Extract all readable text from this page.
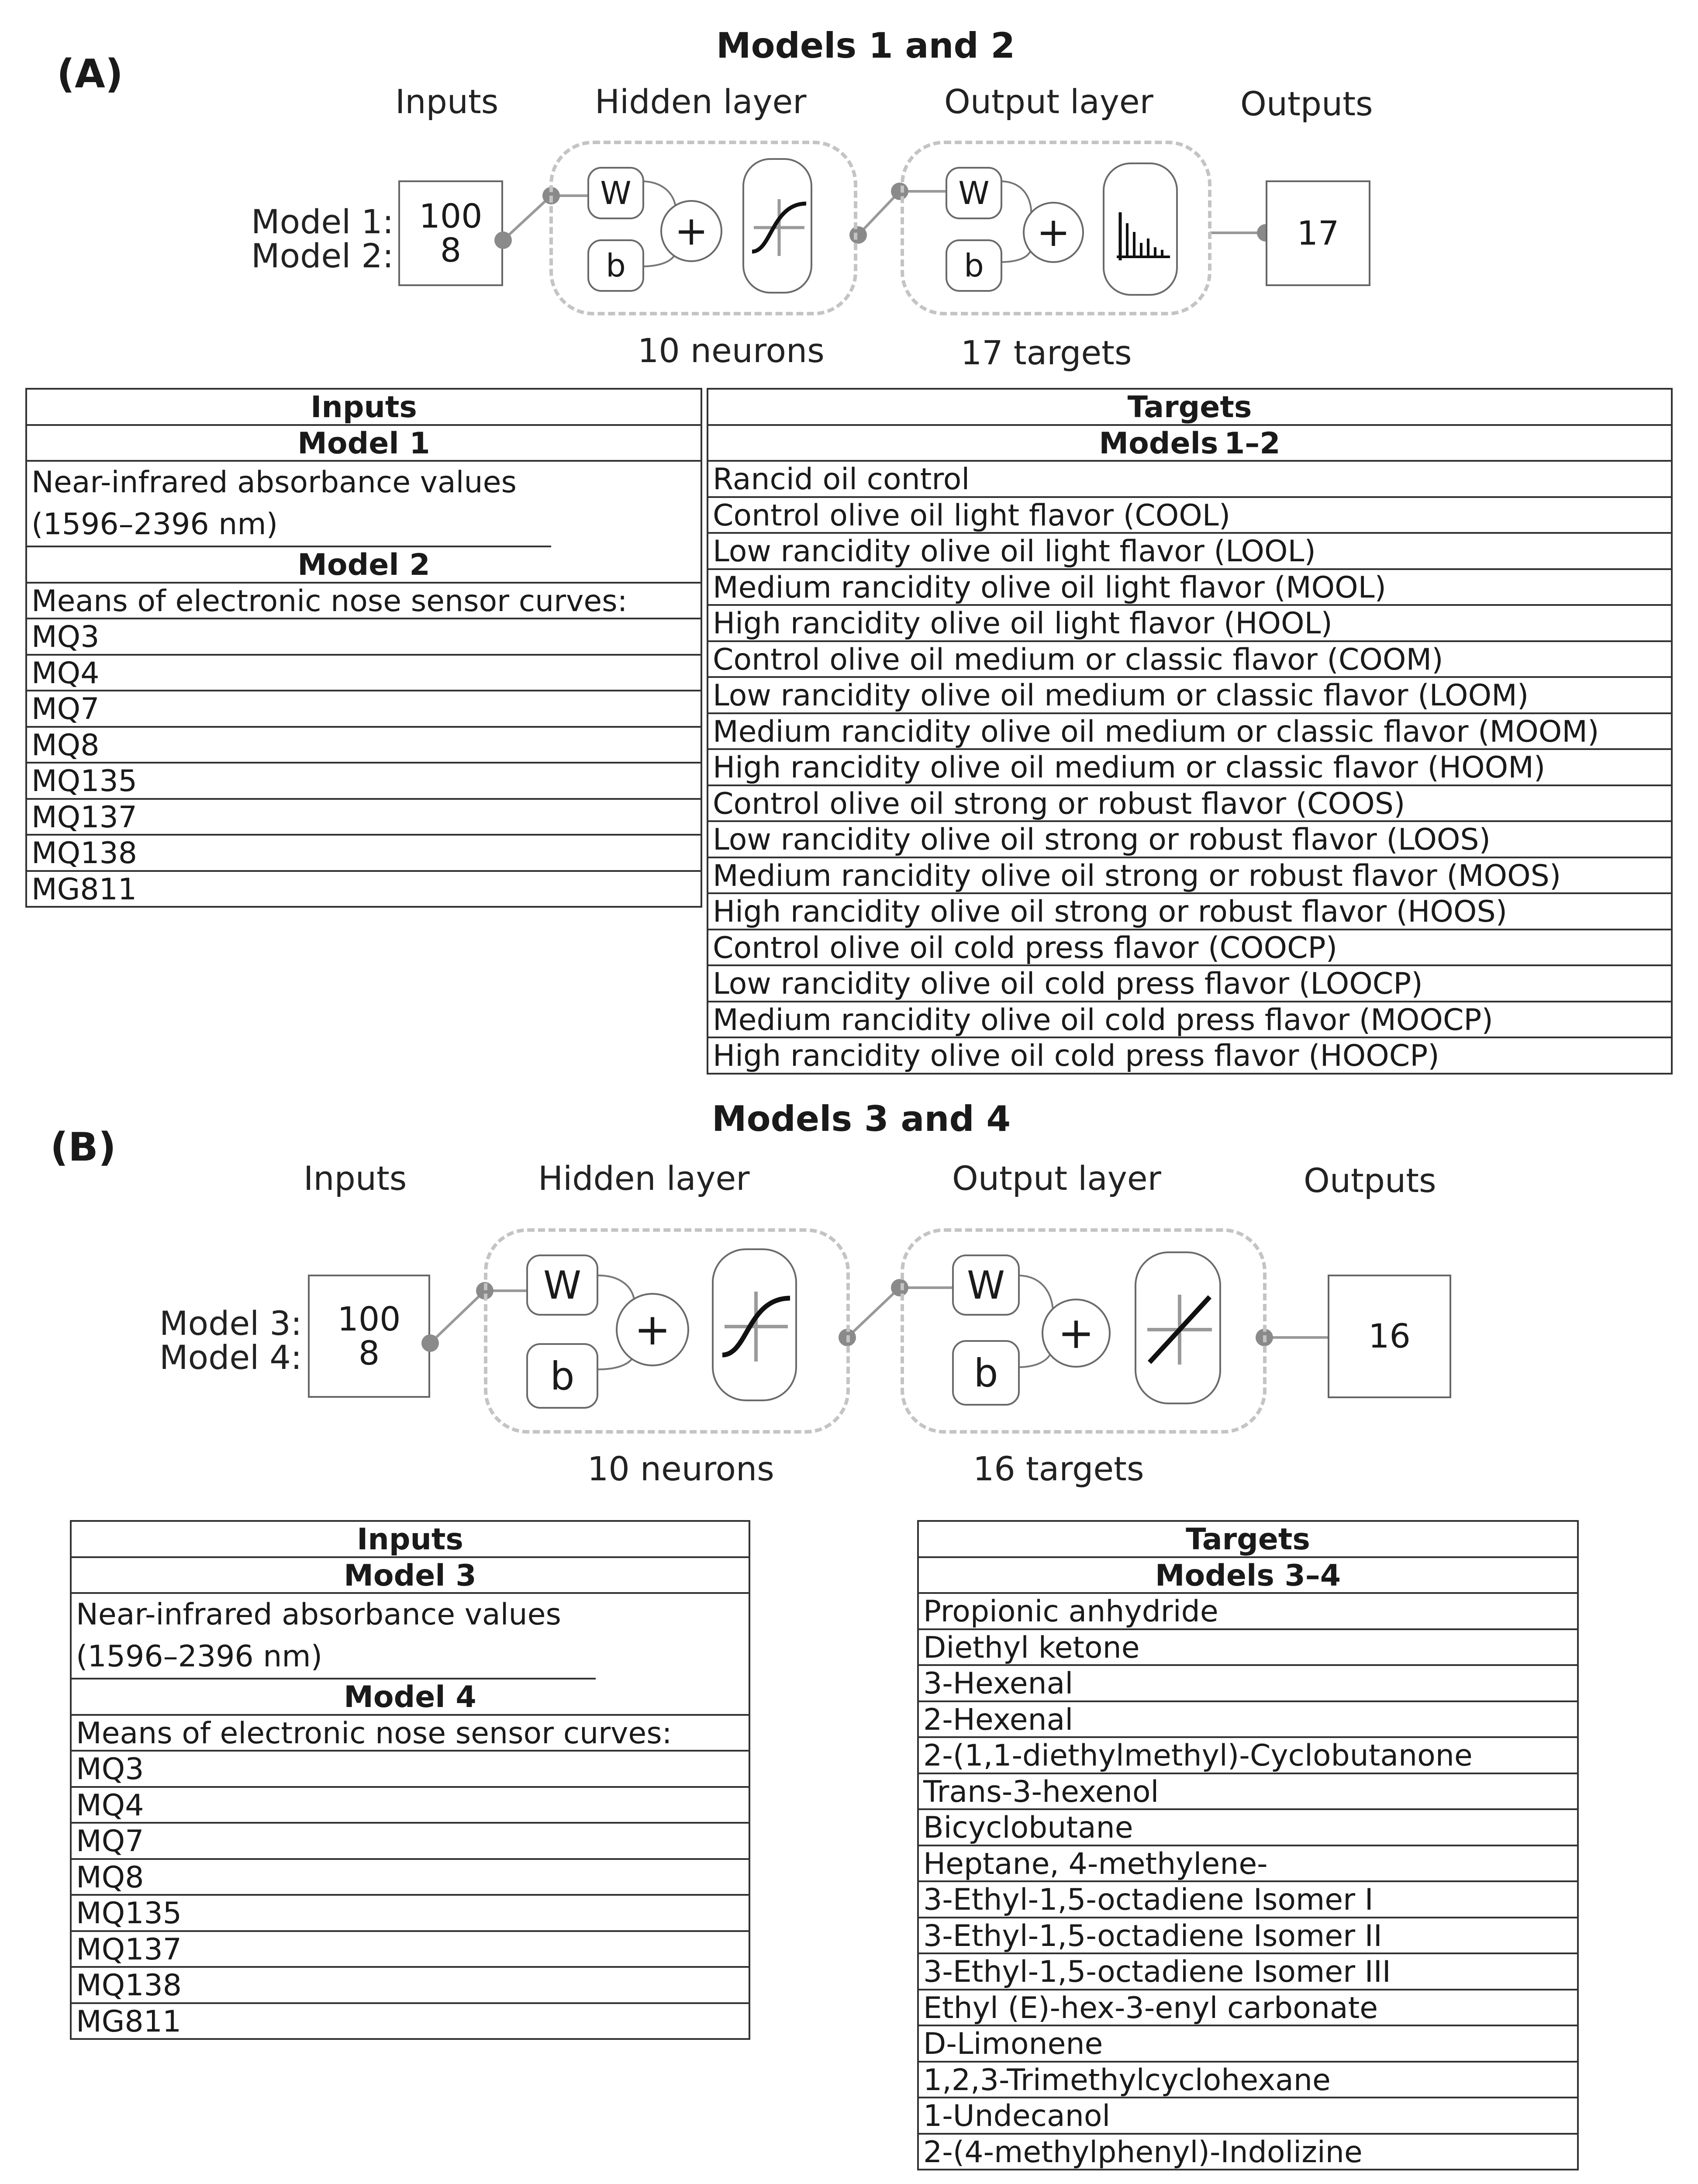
(A)
Models 1 and 2
Inputs	Hidden layer	Output layer	Outputs
Model 1:
Model 2:
100
8
W
b
+
W
b
+	17
10 neurons	17 targets
Inputs
Model 1
Near-infrared absorbance values (1596–2396 nm)
Model 2
Means of electronic nose sensor curves:
MQ3
MQ4
MQ7
MQ8
MQ135
MQ137
MQ138
MG811
Targets
Models 1–2
Rancid oil control
Control olive oil light flavor (COOL)
Low rancidity olive oil light flavor (LOOL)
Medium rancidity olive oil light flavor (MOOL)
High rancidity olive oil light flavor (HOOL)
Control olive oil medium or classic flavor (COOM)
Low rancidity olive oil medium or classic flavor (LOOM)
Medium rancidity olive oil medium or classic flavor (MOOM)
High rancidity olive oil medium or classic flavor (HOOM)
Control olive oil strong or robust flavor (COOS)
Low rancidity olive oil strong or robust flavor (LOOS)
Medium rancidity olive oil strong or robust flavor (MOOS)
High rancidity olive oil strong or robust flavor (HOOS)
Control olive oil cold press flavor (COOCP)
Low rancidity olive oil cold press flavor (LOOCP)
Medium rancidity olive oil cold press flavor (MOOCP)
High rancidity olive oil cold press flavor (HOOCP)
(B)
Models 3 and 4
Inputs	Hidden layer	Output layer	Outputs
Model 3:
Model 4:
100
8
W
b
+
W
b
+	16
10 neurons	16 targets
Inputs
Model 3
Near-infrared absorbance values (1596–2396 nm)
Model 4
Means of electronic nose sensor curves:
MQ3
MQ4
MQ7
MQ8
MQ135
MQ137
MQ138
MG811
Targets
Models 3–4
Propionic anhydride
Diethyl ketone
3-Hexenal
2-Hexenal
2-(1,1-diethylmethyl)-Cyclobutanone
Trans-3-hexenol
Bicyclobutane
Heptane, 4-methylene-
3-Ethyl-1,5-octadiene Isomer I
3-Ethyl-1,5-octadiene Isomer II
3-Ethyl-1,5-octadiene Isomer III
Ethyl (E)-hex-3-enyl carbonate
D-Limonene
1,2,3-Trimethylcyclohexane
1-Undecanol
2-(4-methylphenyl)-Indolizine
